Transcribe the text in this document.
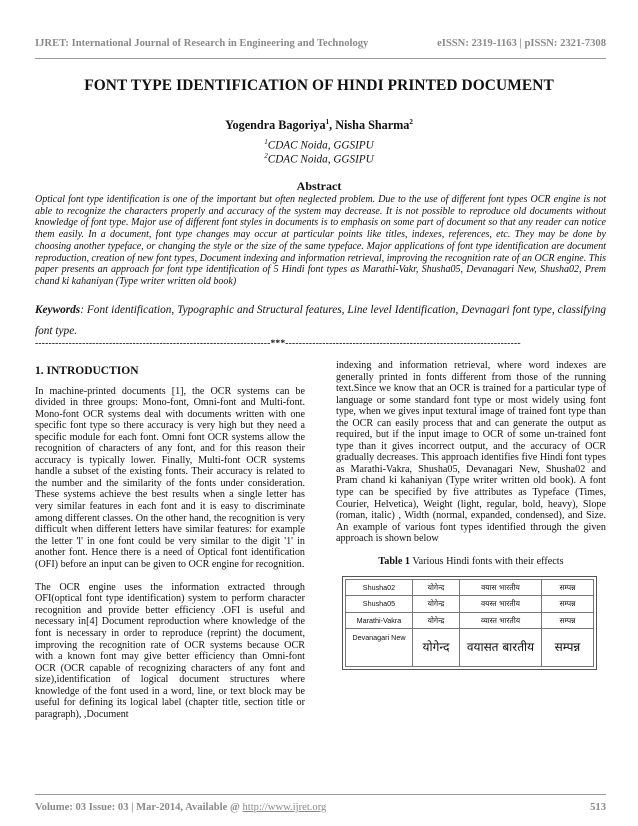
IJRET: International Journal of Research in Engineering and Technology	eISSN: 2319-1163 | pISSN: 2321-7308
FONT TYPE IDENTIFICATION OF HINDI PRINTED DOCUMENT
Yogendra Bagoriya$^1$, Nisha Sharma$^2$
$^1$CDAC Noida, GGSIPU
$^2$CDAC Noida, GGSIPU
Abstract

Optical font type identification is one of the important but often neglected problem. Due to the use of different font types OCR engine is not able to recognize the characters properly and accuracy of the system may decrease. It is not possible to reproduce old documents without knowledge of font type. Major use of different font styles in documents is to emphasis on some part of document so that any reader can notice them easily. In a document, font type changes may occur at particular points like titles, indexes, references, etc. They may be done by choosing another typeface, or changing the style or the size of the same typeface. Major applications of font type identification are document reproduction, creation of new font types, Document indexing and information retrieval, improving the recognition rate of an OCR engine. This paper presents an approach for font type identification of 5 Hindi font types as Marathi-Vakr, Shusha05, Devanagari New, Shusha02, Prem chand ki kahaniyan (Type writer written old book)

Keywords: Font identification, Typographic and Structural features, Line level Identification, Devnagari font type, classifying font type.

----------------------------------------------------------------------***----------------------------------------------------------------------
1. INTRODUCTION

In machine-printed documents [1], the OCR systems can be divided in three groups: Mono-font, Omni-font and Multi-font. Mono-font OCR systems deal with documents written with one specific font type so there accuracy is very high but they need a specific module for each font. Omni font OCR systems allow the recognition of characters of any font, and for this reason their accuracy is typically lower. Finally, Multi-font OCR systems handle a subset of the existing fonts. Their accuracy is related to the number and the similarity of the fonts under consideration. These systems achieve the best results when a single letter has very similar features in each font and it is easy to discriminate among different classes. On the other hand, the recognition is very difficult when different letters have similar features: for example the letter 'l' in one font could be very similar to the digit '1' in another font. Hence there is a need of Optical font identification (OFI) before an input can be given to OCR engine for recognition.

The OCR engine uses the information extracted through OFI(optical font type identification) system to perform character recognition and provide better efficiency .OFI is useful and necessary in[4] Document reproduction where knowledge of the font is necessary in order to reproduce (reprint) the document, improving the recognition rate of OCR systems because OCR with a known font may give better efficiency than Omni-font OCR (OCR capable of recognizing characters of any font and size),identification of logical document structures where knowledge of the font used in a word, line, or text block may be useful for defining its logical label (chapter title, section title or paragraph), ,Document

indexing and information retrieval, where word indexes are generally printed in fonts different from those of the running text.Since we know that an OCR is trained for a particular type of language or some standard font type or most widely using font type, when we gives input textural image of trained font type than the OCR can easily process that and can generate the output as required, but if the input image to OCR of some un-trained font type than it gives incorrect output, and the accuracy of OCR gradually decreases. This approach identifies five Hindi font types as Marathi-Vakra, Shusha05, Devanagari New, Shusha02 and Pram chand ki kahaniyan (Type writer written old book). A font type can be specified by five attributes as Typeface (Times, Courier, Helvetica), Weight (light, regular, bold, heavy), Slope (roman, italic) , Width (normal, expanded, condensed), and Size. An example of various font types identified through the given approach is shown below

Table 1 Various Hindi fonts with their effects
Shusha02	योगेन्द	वयास भारतीय	सम्पन्न
Shusha05	योगेन्द्र	वयस्त भारतीय	सम्पन्न
Marathi-Vakra	योगेन्द्र	व्यास्त भारतीय	सम्पन्न
Devanagari New	योगेन्द	वयासत बारतीय	सम्पन्न
Volume: 03 Issue: 03 | Mar-2014, Available @ http://www.ijret.org	513
